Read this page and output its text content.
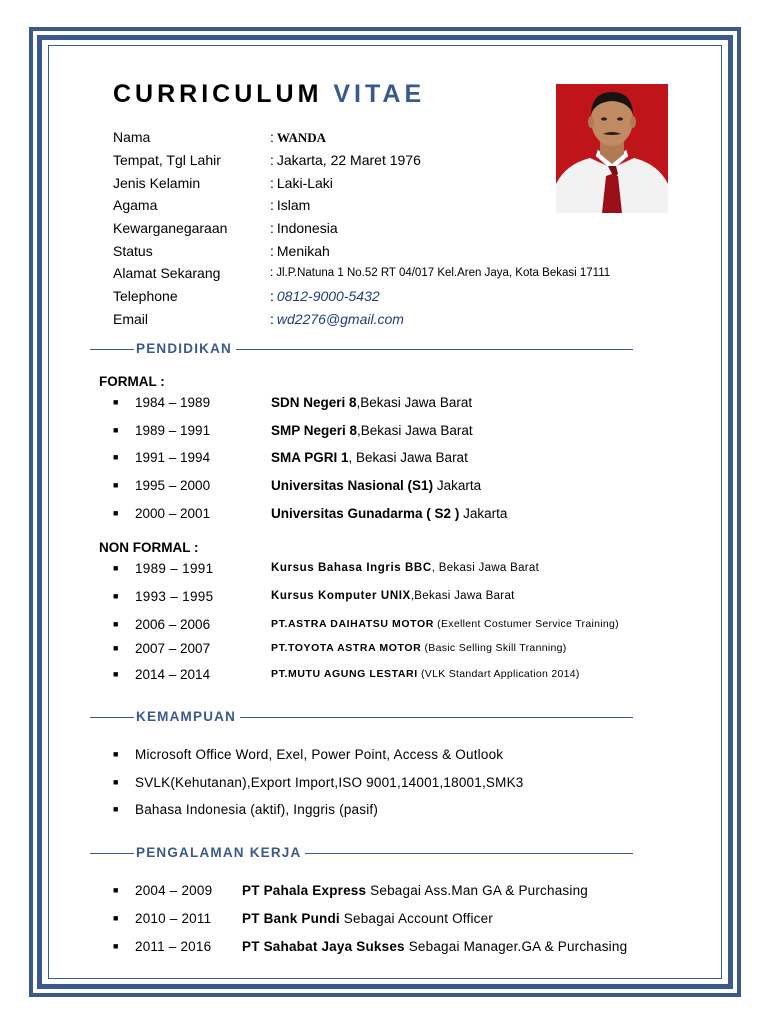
CURRICULUM VITAE
Nama	: WANDA
Tempat, Tgl Lahir	: Jakarta, 22 Maret 1976
Jenis Kelamin	: Laki-Laki
Agama	: Islam
Kewarganegaraan	: Indonesia
Status	: Menikah
Alamat Sekarang	: Jl.P.Natuna 1 No.52 RT 04/017 Kel.Aren Jaya, Kota Bekasi 17111
Telephone	: 0812-9000-5432
Email	: wd2276@gmail.com
PENDIDIKAN
FORMAL :
■	1984 – 1989	SDN Negeri 8,Bekasi Jawa Barat
■	1989 – 1991	SMP Negeri 8,Bekasi Jawa Barat
■	1991 – 1994	SMA PGRI 1, Bekasi Jawa Barat
■	1995 – 2000	Universitas Nasional (S1) Jakarta
■	2000 – 2001	Universitas Gunadarma ( S2 ) Jakarta
NON FORMAL :
■	1989 – 1991	Kursus Bahasa Ingris BBC, Bekasi Jawa Barat
■	1993 – 1995	Kursus Komputer UNIX,Bekasi Jawa Barat
■	2006 – 2006	PT.ASTRA DAIHATSU MOTOR (Exellent Costumer Service Training)
■	2007 – 2007	PT.TOYOTA ASTRA MOTOR (Basic Selling Skill Tranning)
■	2014 – 2014	PT.MUTU AGUNG LESTARI (VLK Standart Application 2014)
KEMAMPUAN
■	Microsoft Office Word, Exel, Power Point, Access & Outlook
■	SVLK(Kehutanan),Export Import,ISO 9001,14001,18001,SMK3
■	Bahasa Indonesia (aktif), Inggris (pasif)
PENGALAMAN KERJA
■	2004 – 2009	PT Pahala Express Sebagai Ass.Man GA & Purchasing
■	2010 – 2011	PT Bank Pundi Sebagai Account Officer
■	2011 – 2016	PT Sahabat Jaya Sukses Sebagai Manager.GA & Purchasing
